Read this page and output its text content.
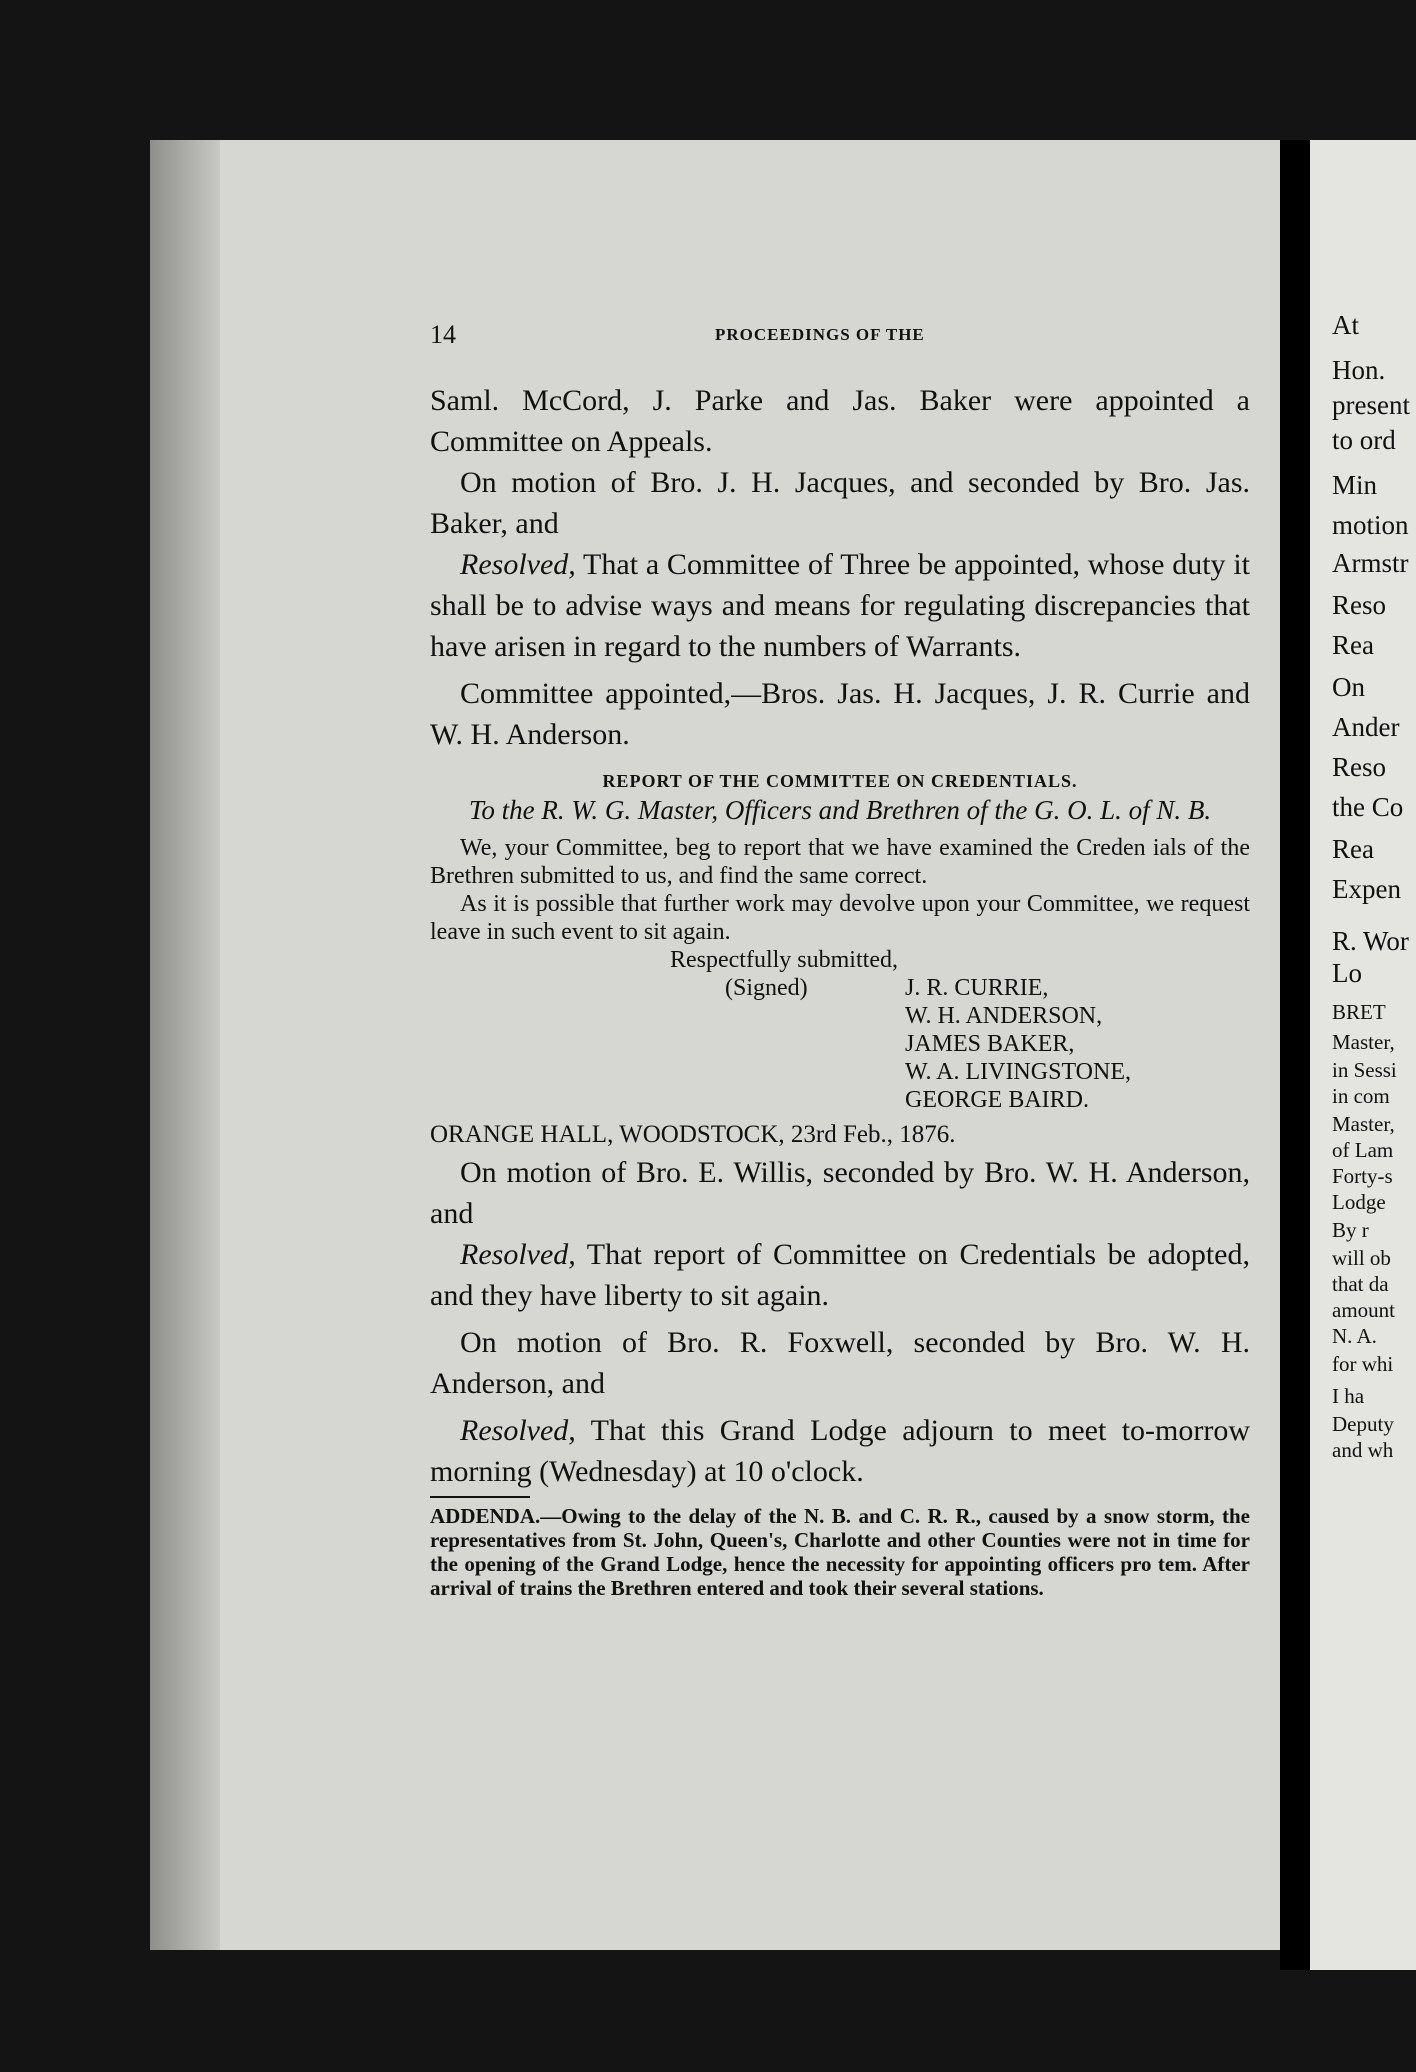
At
Hon.
present
to ord
Min
motion
Armstr
Reso
Rea
On
Ander
Reso
the Co
Rea
Expen
R. Wor
Lo
BRET
Master,
in Sessi
in com
Master,
of Lam
Forty-s
Lodge
By r
will ob
that da
amount
N. A.
for whi
I ha
Deputy
and wh
14	PROCEEDINGS OF THE

Saml. McCord, J. Parke and Jas. Baker were appointed a Committee on Appeals.

On motion of Bro. J. H. Jacques, and seconded by Bro. Jas. Baker, and

Resolved, That a Committee of Three be appointed, whose duty it shall be to advise ways and means for regulating discrepancies that have arisen in regard to the numbers of Warrants.

Committee appointed,—Bros. Jas. H. Jacques, J. R. Currie and W. H. Anderson.

REPORT OF THE COMMITTEE ON CREDENTIALS.

To the R. W. G. Master, Officers and Brethren of the G. O. L. of N. B.

We, your Committee, beg to report that we have examined the Creden ials of the Brethren submitted to us, and find the same correct.

As it is possible that further work may devolve upon your Committee, we request leave in such event to sit again.

Respectfully submitted,

(Signed)	J. R. CURRIE,
W. H. ANDERSON,
JAMES BAKER,
W. A. LIVINGSTONE,
GEORGE BAIRD.

ORANGE HALL, WOODSTOCK, 23rd Feb., 1876.

On motion of Bro. E. Willis, seconded by Bro. W. H. Anderson, and

Resolved, That report of Committee on Credentials be adopted, and they have liberty to sit again.

On motion of Bro. R. Foxwell, seconded by Bro. W. H. Anderson, and

Resolved, That this Grand Lodge adjourn to meet to-morrow morning (Wednesday) at 10 o'clock.

ADDENDA.—Owing to the delay of the N. B. and C. R. R., caused by a snow storm, the representatives from St. John, Queen's, Charlotte and other Counties were not in time for the opening of the Grand Lodge, hence the necessity for appointing officers pro tem. After arrival of trains the Brethren entered and took their several stations.
